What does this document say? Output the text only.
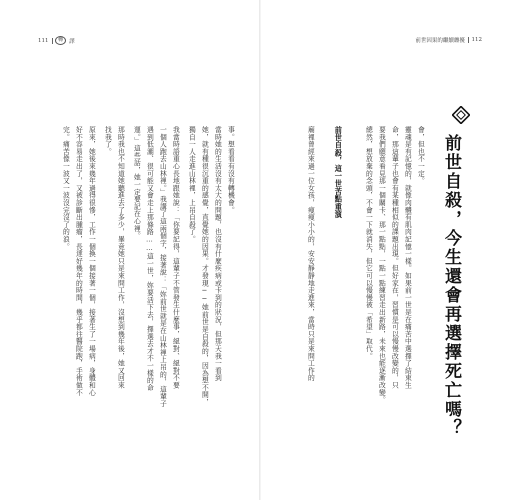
111	轉	譯
事。想看看有沒有轉機會。
當時她的生活沒有太大的問題，也沒有什麼疾病或卡到的狀況，但那天我一看到
她，就有種很沉重的感覺，直覺她的因果。才發現──她前世是自殺的，因為想不開，
獨自一人走進山林裡，上吊自殺了。
我當時語重心長地跟她說：「你要記得，這輩子不管發生什麼事，絕對、絕對不要
一個人跑去山林裡。」我講了這兩個字，接著說：「妳前世就是在山林裡上吊的，這輩子
遇到低潮、很可能又會走上那條路……這一世，妳要活下去，擇選去才不一樣的命
運。」這些話，她一定要記在心裡。
那時我也不知道她聽進去了多少，畢竟她只是來問工作，沒想到幾年後，她又回來
找我了。
原來，她後來幾年過得很慘，工作一個換一個接著一個，接著生了一場病，身體和心
好不容易走出了，又被診斷出腫瘤，長達好幾年的時間，幾乎都往醫院跑，手術做不
完。痛苦像一波又一波沒完沒了的浪。
前世因果的繼續纏擾 112
前世自殺，今生還會再選擇死亡嗎？
會，但也不一定。
靈魂是有記憶的，就像肉體有肌肉記憶一樣。如果前一世是在痛苦中選擇了結束生
命，那這輩子也會有某種相似的課題出現。但好家在，習慣是可以慢慢改變的，只
要我們願意看見那一個關卡、那一點點，一點一點練習走出新路，未來也能逐漸改變。
總然，想放棄的念頭，不會一下就消失，但它可以慢慢被「希望」取代。
前世自殺，這一世苦點重演
廟裡曾經來過一位女孩，瘦瘦小小的，安安靜靜地走進來，當時只是來問工作的
